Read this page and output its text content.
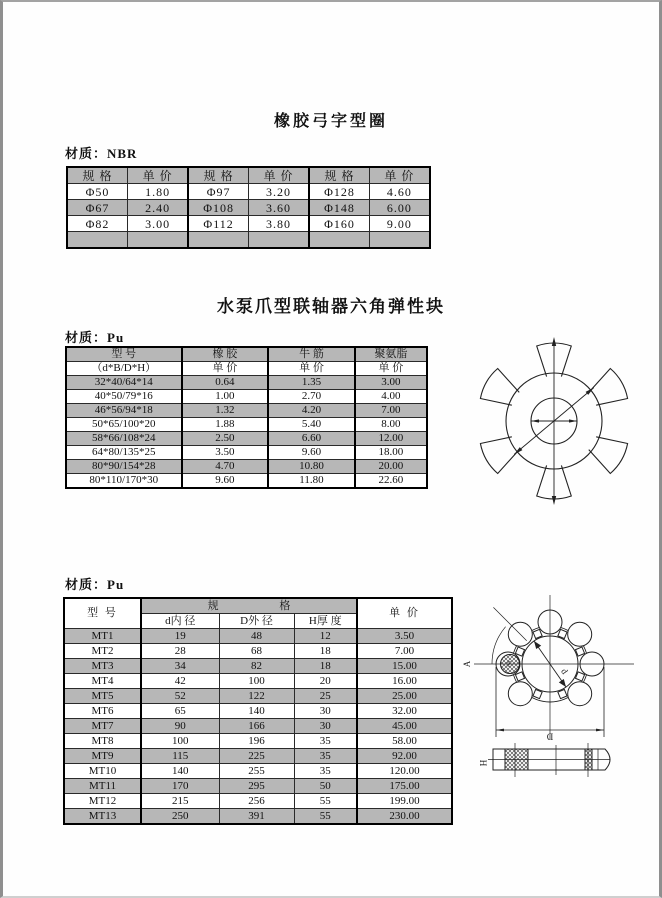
橡胶弓字型圈
材质：NBR
规 格	单 价	规 格	单 价	规 格	单 价
Φ50	1.80	Φ97	3.20	Φ128	4.60
Φ67	2.40	Φ108	3.60	Φ148	6.00
Φ82	3.00	Φ112	3.80	Φ160	9.00

水泵爪型联轴器六角弹性块
材质：Pu
型 号	橡 胶	牛 筋	聚氨脂
（d*B/D*H）	单 价	单 价	单 价
32*40/64*14	0.64	1.35	3.00
40*50/79*16	1.00	2.70	4.00
46*56/94*18	1.32	4.20	7.00
50*65/100*20	1.88	5.40	8.00
58*66/108*24	2.50	6.60	12.00
64*80/135*25	3.50	9.60	18.00
80*90/154*28	4.70	10.80	20.00
80*110/170*30	9.60	11.80	22.60
材质：Pu
型 号	规 格			单 价
	d内 径	D外 径	H厚 度	
MT1	19	48	12	3.50
MT2	28	68	18	7.00
MT3	34	82	18	15.00
MT4	42	100	20	16.00
MT5	52	122	25	25.00
MT6	65	140	30	32.00
MT7	90	166	30	45.00
MT8	100	196	35	58.00
MT9	115	225	35	92.00
MT10	140	255	35	120.00
MT11	170	295	50	175.00
MT12	215	256	55	199.00
MT13	250	391	55	230.00
A
d
(d)
D
H
